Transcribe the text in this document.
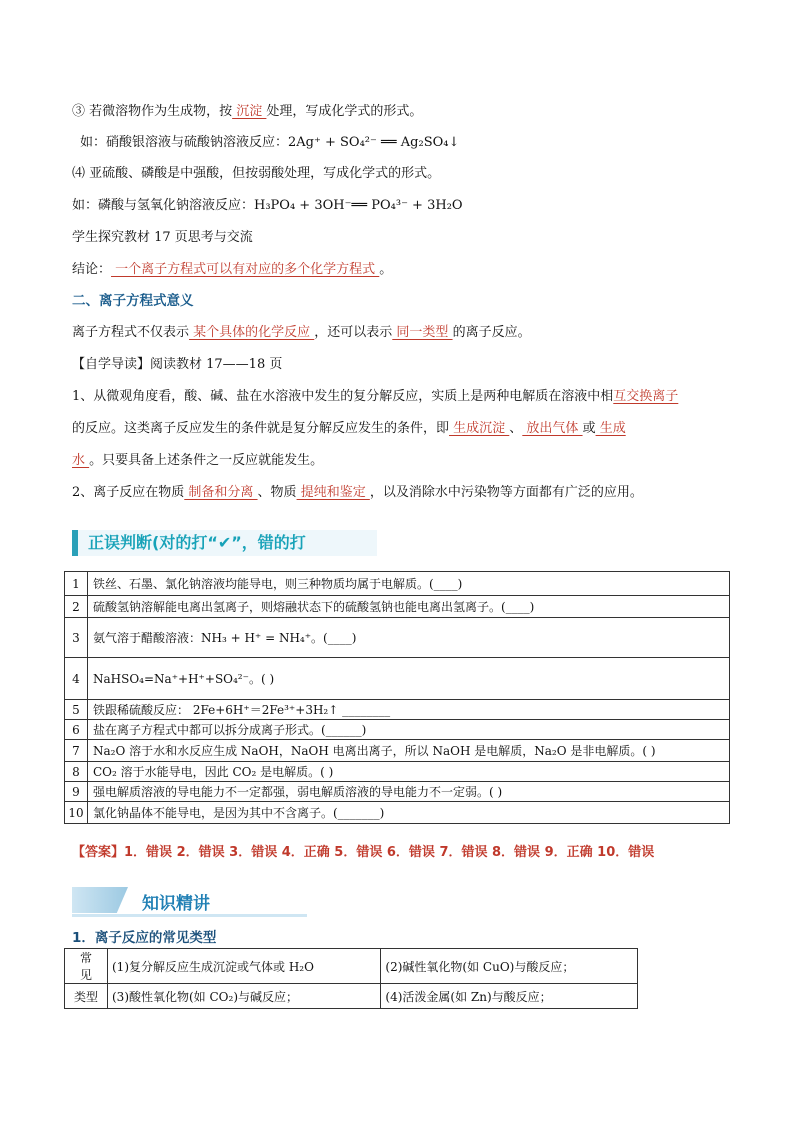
③ 若微溶物作为生成物，按 沉淀 处理，写成化学式的形式。
如：硝酸银溶液与硫酸钠溶液反应：2Ag⁺ + SO₄²⁻ ══ Ag₂SO₄↓
⑷ 亚硫酸、磷酸是中强酸，但按弱酸处理，写成化学式的形式。
如：磷酸与氢氧化钠溶液反应：H₃PO₄ + 3OH⁻══ PO₄³⁻ + 3H₂O
学生探究教材 17 页思考与交流
结论： 一个离子方程式可以有对应的多个化学方程式 。
二、离子方程式意义
离子方程式不仅表示 某个具体的化学反应 ，还可以表示 同一类型 的离子反应。
【自学导读】阅读教材 17——18 页
1、从微观角度看，酸、碱、盐在水溶液中发生的复分解反应，实质上是两种电解质在溶液中相互交换离子
的反应。这类离子反应发生的条件就是复分解反应发生的条件，即 生成沉淀 、 放出气体 或 生成
水 。只要具备上述条件之一反应就能发生。
2、离子反应在物质 制备和分离 、物质 提纯和鉴定 ，以及消除水中污染物等方面都有广泛的应用。
正误判断(对的打“✔”，错的打
1	铁丝、石墨、氯化钠溶液均能导电，则三种物质均属于电解质。(____)
2	硫酸氢钠溶解能电离出氢离子，则熔融状态下的硫酸氢钠也能电离出氢离子。(____)
3	氨气溶于醋酸溶液：NH₃ + H⁺ = NH₄⁺。(____)
4	NaHSO₄=Na⁺+H⁺+SO₄²⁻。( )
5	铁跟稀硫酸反应： 2Fe+6H⁺＝2Fe³⁺+3H₂↑ ________
6	盐在离子方程式中都可以拆分成离子形式。(______)
7	Na₂O 溶于水和水反应生成 NaOH，NaOH 电离出离子，所以 NaOH 是电解质，Na₂O 是非电解质。( )
8	CO₂ 溶于水能导电，因此 CO₂ 是电解质。( )
9	强电解质溶液的导电能力不一定都强，弱电解质溶液的导电能力不一定弱。( )
10	氯化钠晶体不能导电，是因为其中不含离子。(_______)
【答案】1．错误 2．错误 3．错误 4．正确 5．错误 6．错误 7．错误 8．错误 9．正确 10．错误
知识精讲
1．离子反应的常见类型
常　见	(1)复分解反应生成沉淀或气体或 H₂O	(2)碱性氧化物(如 CuO)与酸反应；
类型	(3)酸性氧化物(如 CO₂)与碱反应；	(4)活泼金属(如 Zn)与酸反应；
